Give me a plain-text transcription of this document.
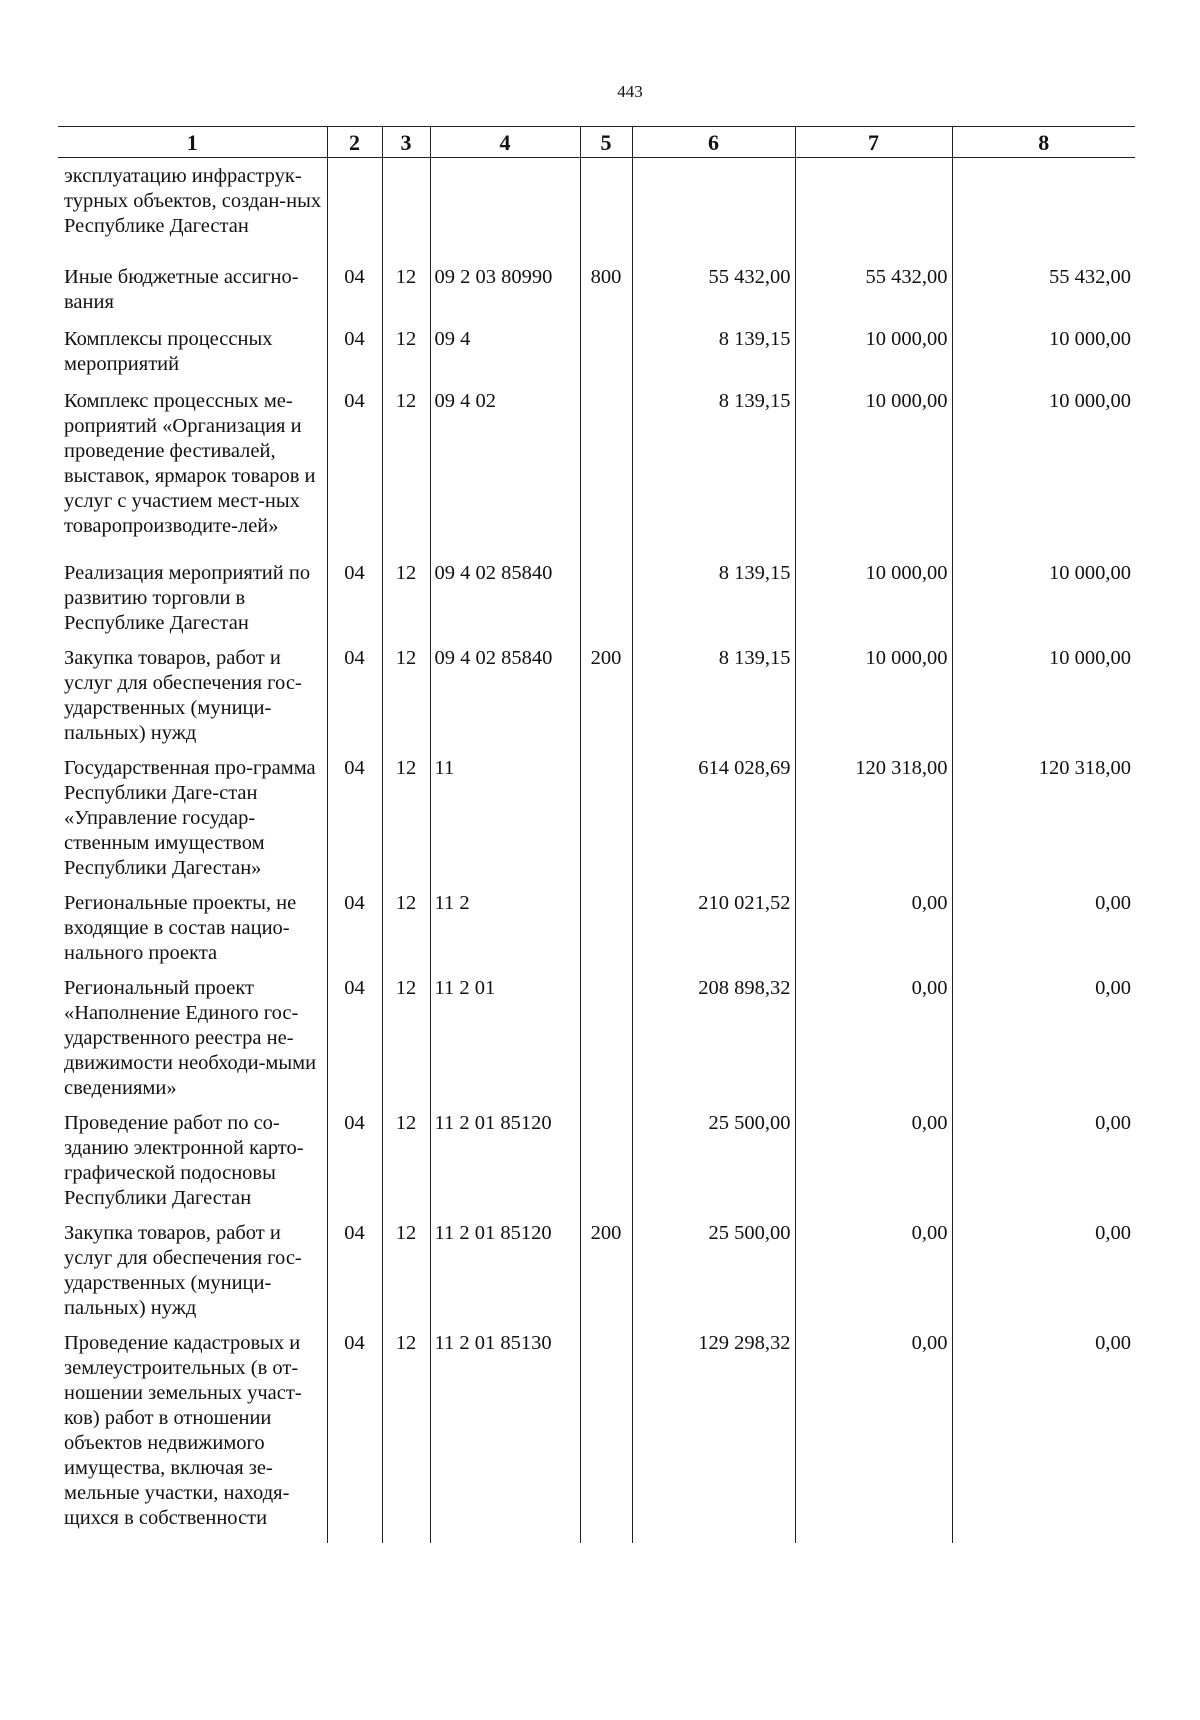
443
1	2	3	4	5	6	7	8
эксплуатацию инфраструк-турных объектов, создан-ных Республике Дагестан							
Иные бюджетные ассигно-вания	04	12	09 2 03 80990	800	55 432,00	55 432,00	55 432,00
Комплексы процессных мероприятий	04	12	09 4		8 139,15	10 000,00	10 000,00
Комплекс процессных ме-роприятий «Организация и проведение фестивалей, выставок, ярмарок товаров и услуг с участием мест-ных товаропроизводите-лей»	04	12	09 4 02		8 139,15	10 000,00	10 000,00
Реализация мероприятий по развитию торговли в Республике Дагестан	04	12	09 4 02 85840		8 139,15	10 000,00	10 000,00
Закупка товаров, работ и услуг для обеспечения гос-ударственных (муници-пальных) нужд	04	12	09 4 02 85840	200	8 139,15	10 000,00	10 000,00
Государственная про-грамма Республики Даге-стан «Управление государ-ственным имуществом Республики Дагестан»	04	12	11		614 028,69	120 318,00	120 318,00
Региональные проекты, не входящие в состав нацио-нального проекта	04	12	11 2		210 021,52	0,00	0,00
Региональный проект «Наполнение Единого гос-ударственного реестра не-движимости необходи-мыми сведениями»	04	12	11 2 01		208 898,32	0,00	0,00
Проведение работ по со-зданию электронной карто-графической подосновы Республики Дагестан	04	12	11 2 01 85120		25 500,00	0,00	0,00
Закупка товаров, работ и услуг для обеспечения гос-ударственных (муници-пальных) нужд	04	12	11 2 01 85120	200	25 500,00	0,00	0,00
Проведение кадастровых и землеустроительных (в от-ношении земельных участ-ков) работ в отношении объектов недвижимого имущества, включая зе-мельные участки, находя-щихся в собственности	04	12	11 2 01 85130		129 298,32	0,00	0,00
